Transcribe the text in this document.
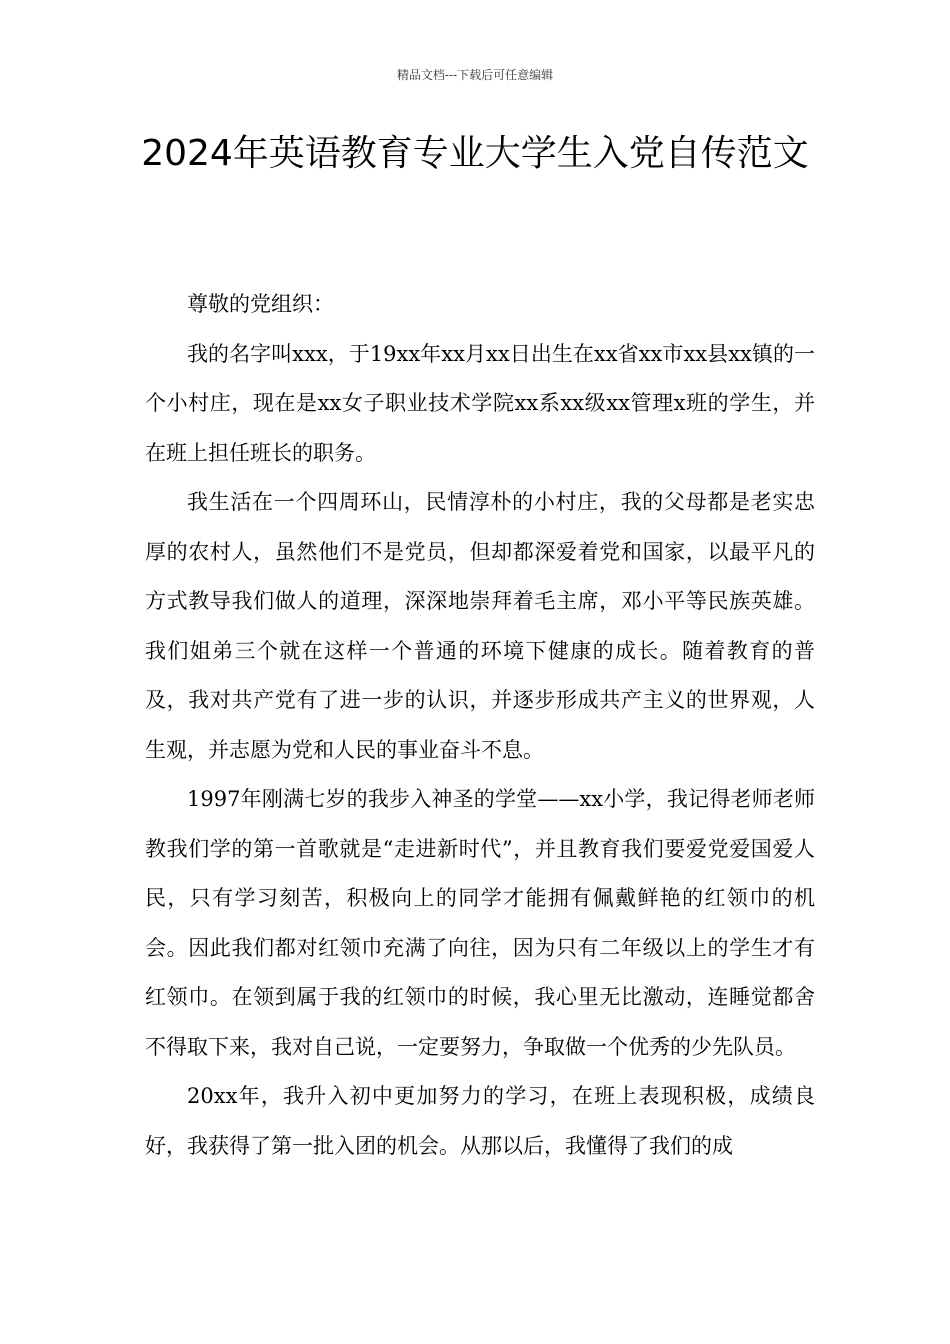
精品文档---下载后可任意编辑
2024年英语教育专业大学生入党自传范文

尊敬的党组织：

我的名字叫xxx，于19xx年xx月xx日出生在xx省xx市xx县xx镇的一个小村庄，现在是xx女子职业技术学院xx系xx级xx管理x班的学生，并在班上担任班长的职务。

我生活在一个四周环山，民情淳朴的小村庄，我的父母都是老实忠厚的农村人，虽然他们不是党员，但却都深爱着党和国家，以最平凡的方式教导我们做人的道理，深深地崇拜着毛主席，邓小平等民族英雄。我们姐弟三个就在这样一个普通的环境下健康的成长。随着教育的普及，我对共产党有了进一步的认识，并逐步形成共产主义的世界观，人生观，并志愿为党和人民的事业奋斗不息。

1997年刚满七岁的我步入神圣的学堂——xx小学，我记得老师老师教我们学的第一首歌就是“走进新时代”，并且教育我们要爱党爱国爱人民，只有学习刻苦，积极向上的同学才能拥有佩戴鲜艳的红领巾的机会。因此我们都对红领巾充满了向往，因为只有二年级以上的学生才有红领巾。在领到属于我的红领巾的时候，我心里无比激动，连睡觉都舍不得取下来，我对自己说，一定要努力，争取做一个优秀的少先队员。

20xx年，我升入初中更加努力的学习，在班上表现积极，成绩良好，我获得了第一批入团的机会。从那以后，我懂得了我们的成
